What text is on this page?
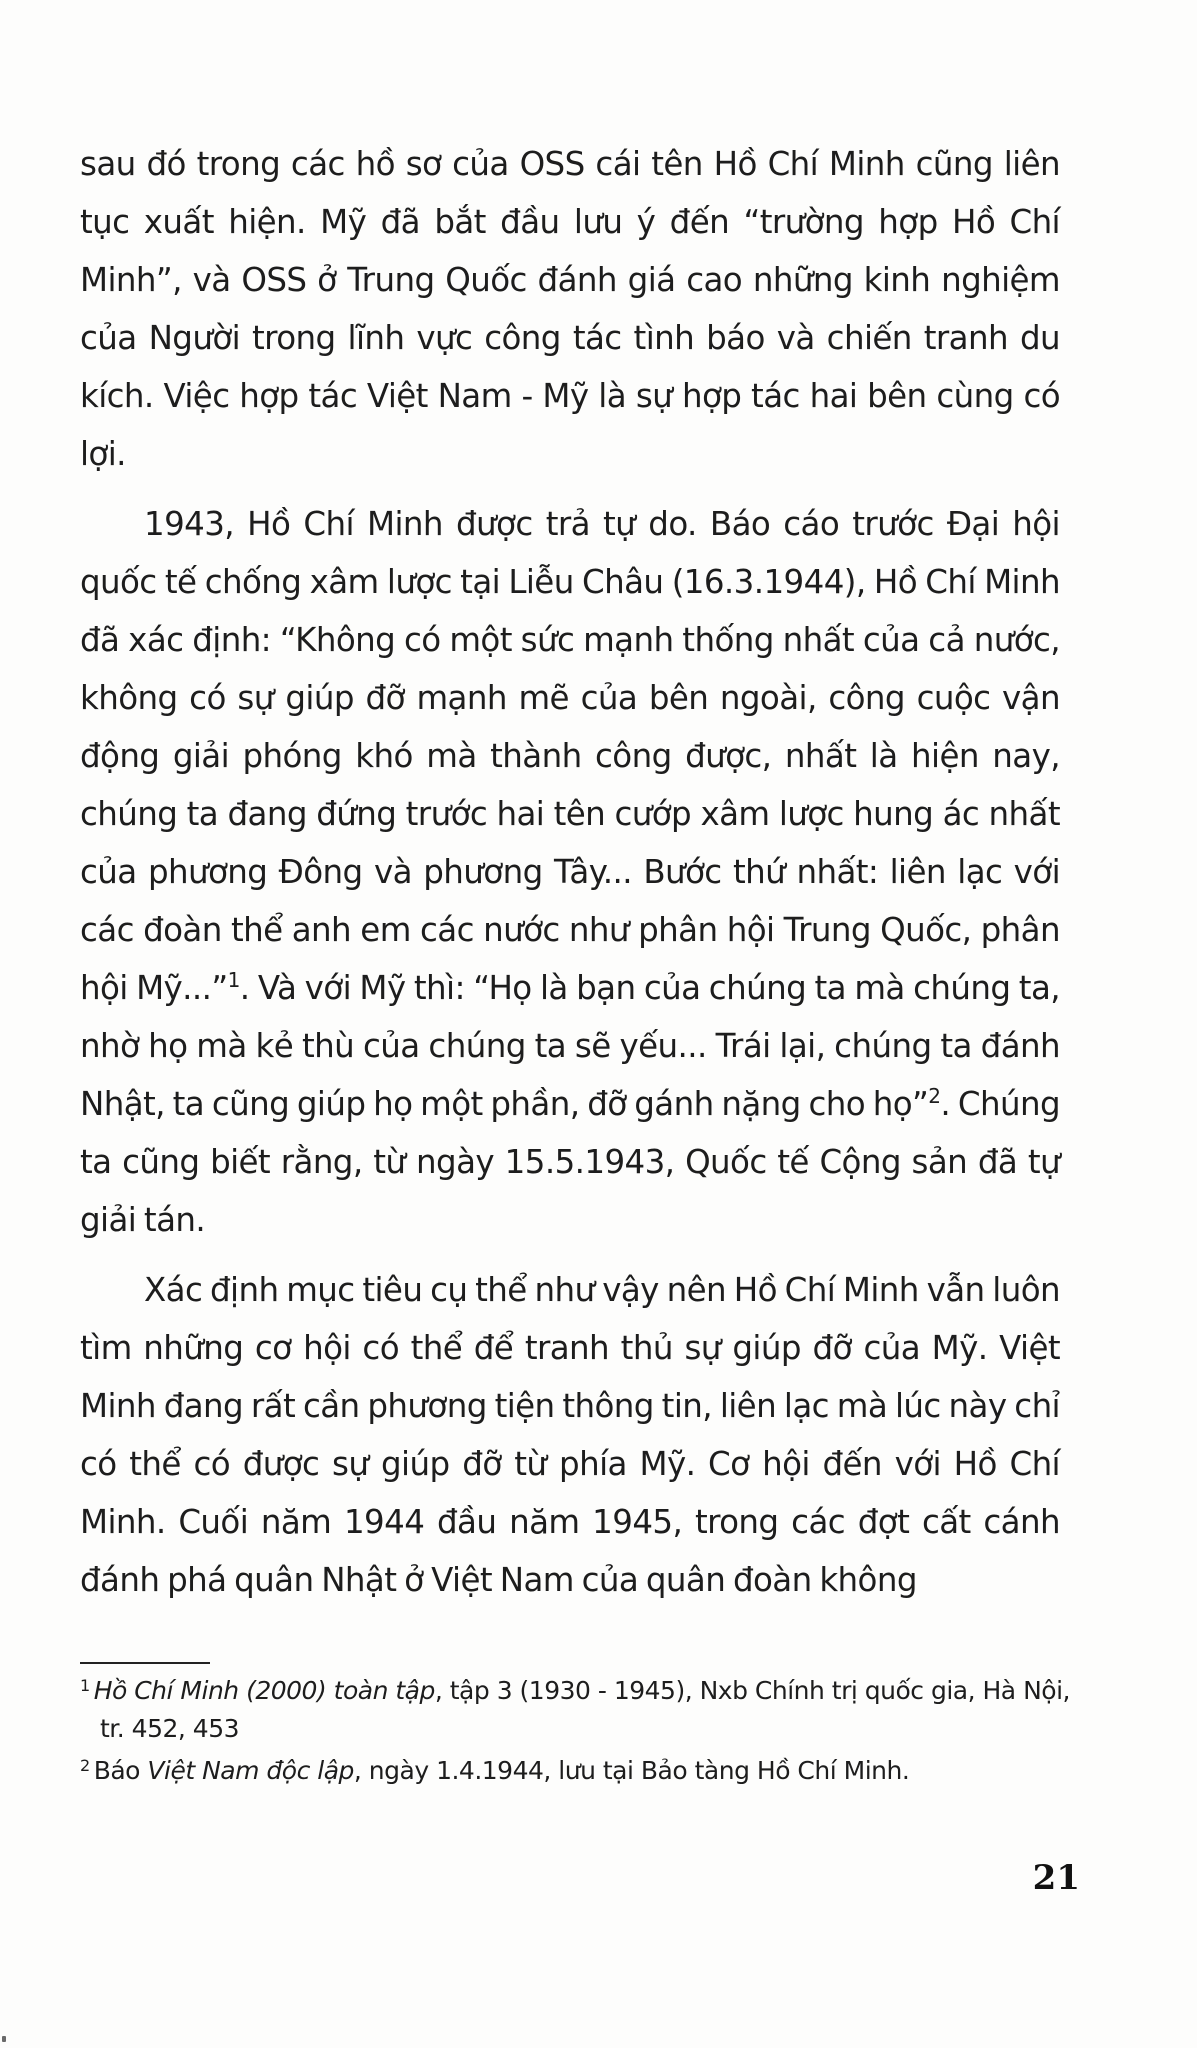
sau đó trong các hồ sơ của OSS cái tên Hồ Chí Minh cũng liên tục xuất hiện. Mỹ đã bắt đầu lưu ý đến “trường hợp Hồ Chí Minh”, và OSS ở Trung Quốc đánh giá cao những kinh nghiệm của Người trong lĩnh vực công tác tình báo và chiến tranh du kích. Việc hợp tác Việt Nam - Mỹ là sự hợp tác hai bên cùng có lợi.

1943, Hồ Chí Minh được trả tự do. Báo cáo trước Đại hội quốc tế chống xâm lược tại Liễu Châu (16.3.1944), Hồ Chí Minh đã xác định: “Không có một sức mạnh thống nhất của cả nước, không có sự giúp đỡ mạnh mẽ của bên ngoài, công cuộc vận động giải phóng khó mà thành công được, nhất là hiện nay, chúng ta đang đứng trước hai tên cướp xâm lược hung ác nhất của phương Đông và phương Tây... Bước thứ nhất: liên lạc với các đoàn thể anh em các nước như phân hội Trung Quốc, phân hội Mỹ...”$^1$. Và với Mỹ thì: “Họ là bạn của chúng ta mà chúng ta, nhờ họ mà kẻ thù của chúng ta sẽ yếu... Trái lại, chúng ta đánh Nhật, ta cũng giúp họ một phần, đỡ gánh nặng cho họ”$^2$. Chúng ta cũng biết rằng, từ ngày 15.5.1943, Quốc tế Cộng sản đã tự giải tán.

Xác định mục tiêu cụ thể như vậy nên Hồ Chí Minh vẫn luôn tìm những cơ hội có thể để tranh thủ sự giúp đỡ của Mỹ. Việt Minh đang rất cần phương tiện thông tin, liên lạc mà lúc này chỉ có thể có được sự giúp đỡ từ phía Mỹ. Cơ hội đến với Hồ Chí Minh. Cuối năm 1944 đầu năm 1945, trong các đợt cất cánh đánh phá quân Nhật ở Việt Nam của quân đoàn không

$^1$ Hồ Chí Minh (2000) toàn tập, tập 3 (1930 - 1945), Nxb Chính trị quốc gia, Hà Nội, tr. 452, 453
$^2$ Báo Việt Nam độc lập, ngày 1.4.1944, lưu tại Bảo tàng Hồ Chí Minh.
21
